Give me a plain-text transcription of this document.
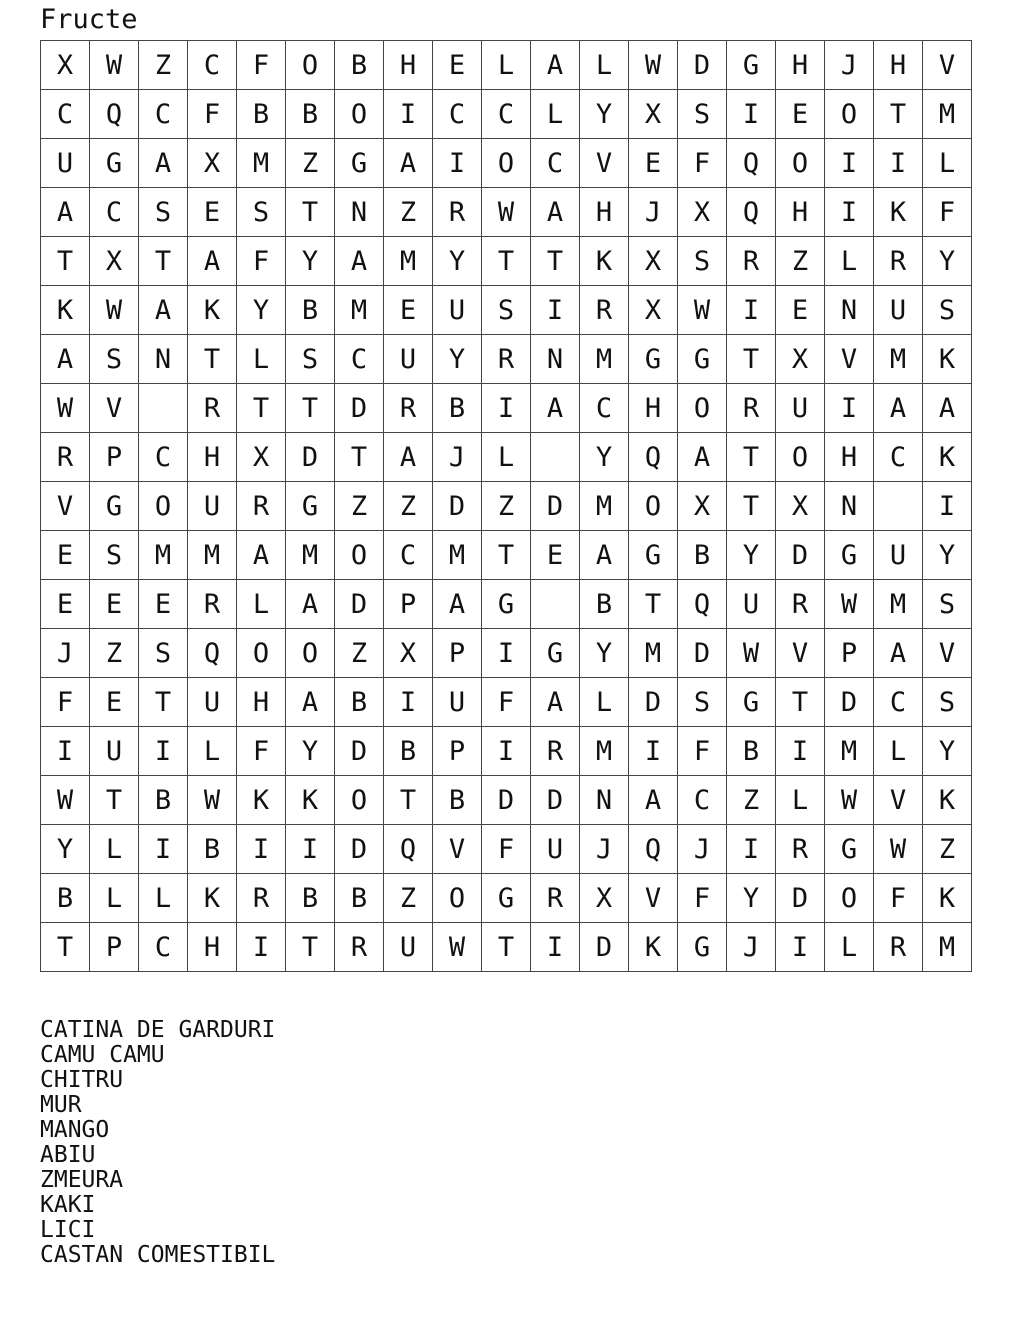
Fructe
X	W	Z	C	F	O	B	H	E	L	A	L	W	D	G	H	J	H	V
C	Q	C	F	B	B	O	I	C	C	L	Y	X	S	I	E	O	T	M
U	G	A	X	M	Z	G	A	I	O	C	V	E	F	Q	O	I	I	L
A	C	S	E	S	T	N	Z	R	W	A	H	J	X	Q	H	I	K	F
T	X	T	A	F	Y	A	M	Y	T	T	K	X	S	R	Z	L	R	Y
K	W	A	K	Y	B	M	E	U	S	I	R	X	W	I	E	N	U	S
A	S	N	T	L	S	C	U	Y	R	N	M	G	G	T	X	V	M	K
W	V		R	T	T	D	R	B	I	A	C	H	O	R	U	I	A	A
R	P	C	H	X	D	T	A	J	L		Y	Q	A	T	O	H	C	K
V	G	O	U	R	G	Z	Z	D	Z	D	M	O	X	T	X	N		I
E	S	M	M	A	M	O	C	M	T	E	A	G	B	Y	D	G	U	Y
E	E	E	R	L	A	D	P	A	G		B	T	Q	U	R	W	M	S
J	Z	S	Q	O	O	Z	X	P	I	G	Y	M	D	W	V	P	A	V
F	E	T	U	H	A	B	I	U	F	A	L	D	S	G	T	D	C	S
I	U	I	L	F	Y	D	B	P	I	R	M	I	F	B	I	M	L	Y
W	T	B	W	K	K	O	T	B	D	D	N	A	C	Z	L	W	V	K
Y	L	I	B	I	I	D	Q	V	F	U	J	Q	J	I	R	G	W	Z
B	L	L	K	R	B	B	Z	O	G	R	X	V	F	Y	D	O	F	K
T	P	C	H	I	T	R	U	W	T	I	D	K	G	J	I	L	R	M
CATINA DE GARDURI
CAMU CAMU
CHITRU
MUR
MANGO
ABIU
ZMEURA
KAKI
LICI
CASTAN COMESTIBIL
